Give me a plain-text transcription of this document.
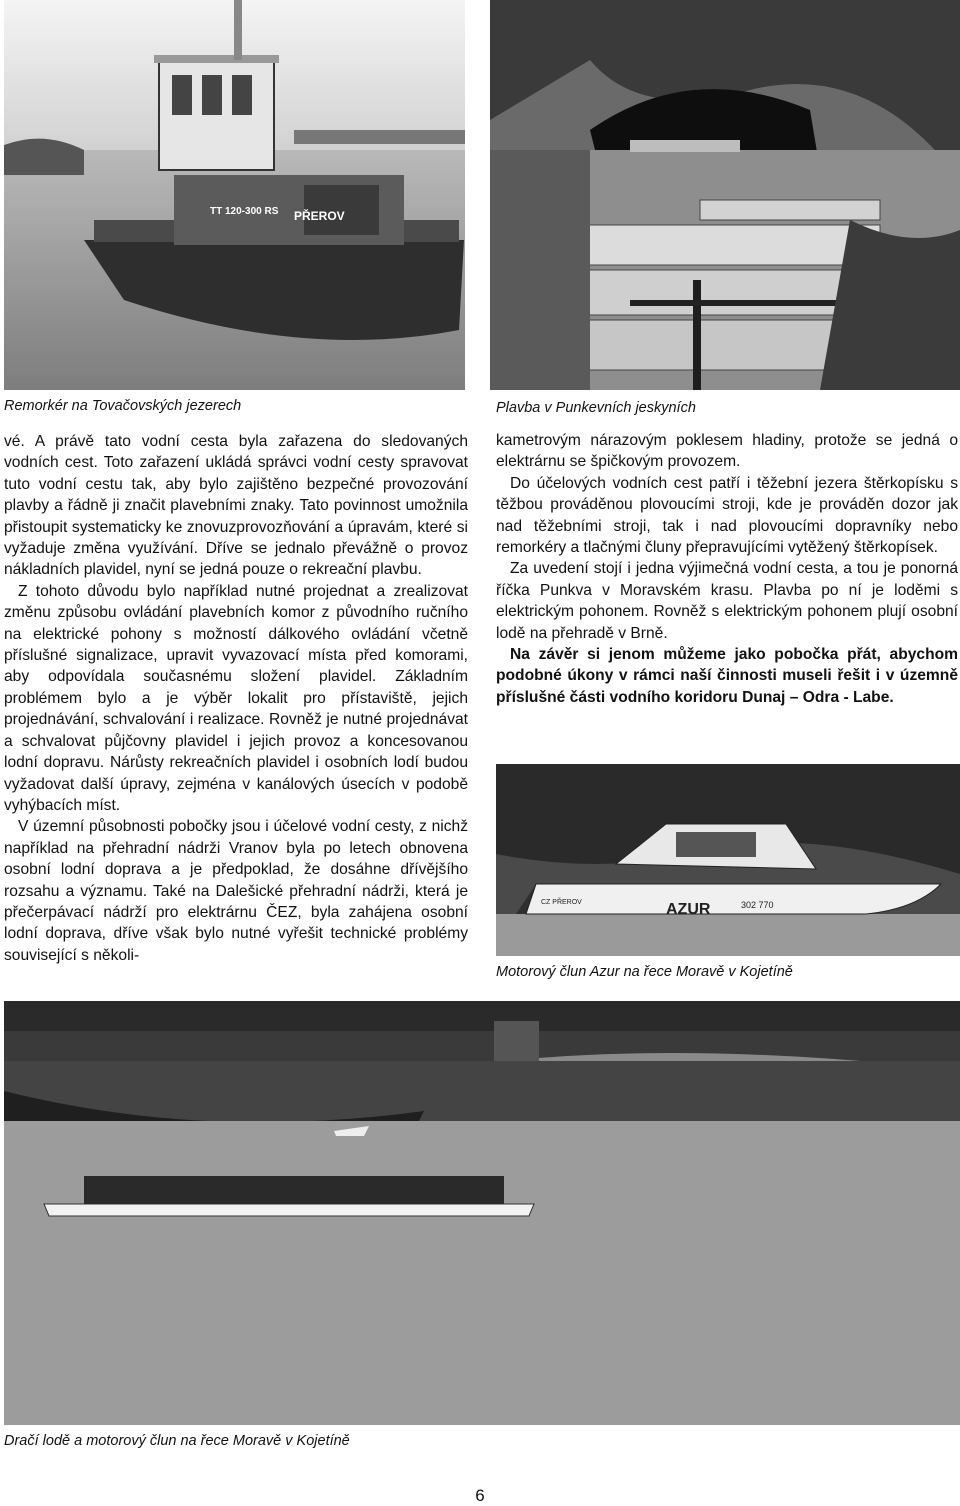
TT 120-300 RS PŘEROV
Remorkér na Tovačovských jezerech	Plavba v Punkevních jeskyních

vé. A právě tato vodní cesta byla zařazena do sledovaných vodních cest. Toto zařazení ukládá správci vodní cesty spravovat tuto vodní cestu tak, aby bylo zajištěno bezpečné provozování plavby a řádně ji značit plavebními znaky. Tato povinnost umožnila přistoupit systematicky ke znovuzprovozňování a úpravám, které si vyžaduje změna využívání. Dříve se jednalo převážně o provoz nákladních plavidel, nyní se jedná pouze o rekreační plavbu.

Z tohoto důvodu bylo například nutné projednat a zrealizovat změnu způsobu ovládání plavebních komor z původního ručního na elektrické pohony s možností dálkového ovládání včetně příslušné signalizace, upravit vyvazovací místa před komorami, aby odpovídala současnému složení plavidel. Základním problémem bylo a je výběr lokalit pro přístaviště, jejich projednávání, schvalování i realizace. Rovněž je nutné projednávat a schvalovat půjčovny plavidel i jejich provoz a koncesovanou lodní dopravu. Nárůsty rekreačních plavidel i osobních lodí budou vyžadovat další úpravy, zejména v kanálových úsecích v podobě vyhýbacích míst.

V územní působnosti pobočky jsou i účelové vodní cesty, z nichž například na přehradní nádrži Vranov byla po letech obnovena osobní lodní doprava a je předpoklad, že dosáhne dřívějšího rozsahu a významu. Také na Dalešické přehradní nádrži, která je přečerpávací nádrží pro elektrárnu ČEZ, byla zahájena osobní lodní doprava, dříve však bylo nutné vyřešit technické problémy související s několi-

kametrovým nárazovým poklesem hladiny, protože se jedná o elektrárnu se špičkovým provozem.

Do účelových vodních cest patří i těžební jezera štěrkopísku s těžbou prováděnou plovoucími stroji, kde je prováděn dozor jak nad těžebními stroji, tak i nad plovoucími dopravníky nebo remorkéry a tlačnými čluny přepravujícími vytěžený štěrkopísek.

Za uvedení stojí i jedna výjimečná vodní cesta, a tou je ponorná říčka Punkva v Moravském krasu. Plavba po ní je loděmi s elektrickým pohonem. Rovněž s elektrickým pohonem plují osobní lodě na přehradě v Brně.

Na závěr si jenom můžeme jako pobočka přát, abychom podobné úkony v rámci naší činnosti museli řešit i v územně příslušné části vodního koridoru Dunaj – Odra - Labe.

AZUR	302 770
CZ PŘEROV
Motorový člun Azur na řece Moravě v Kojetíně
Dračí lodě a motorový člun na řece Moravě v Kojetíně
6
